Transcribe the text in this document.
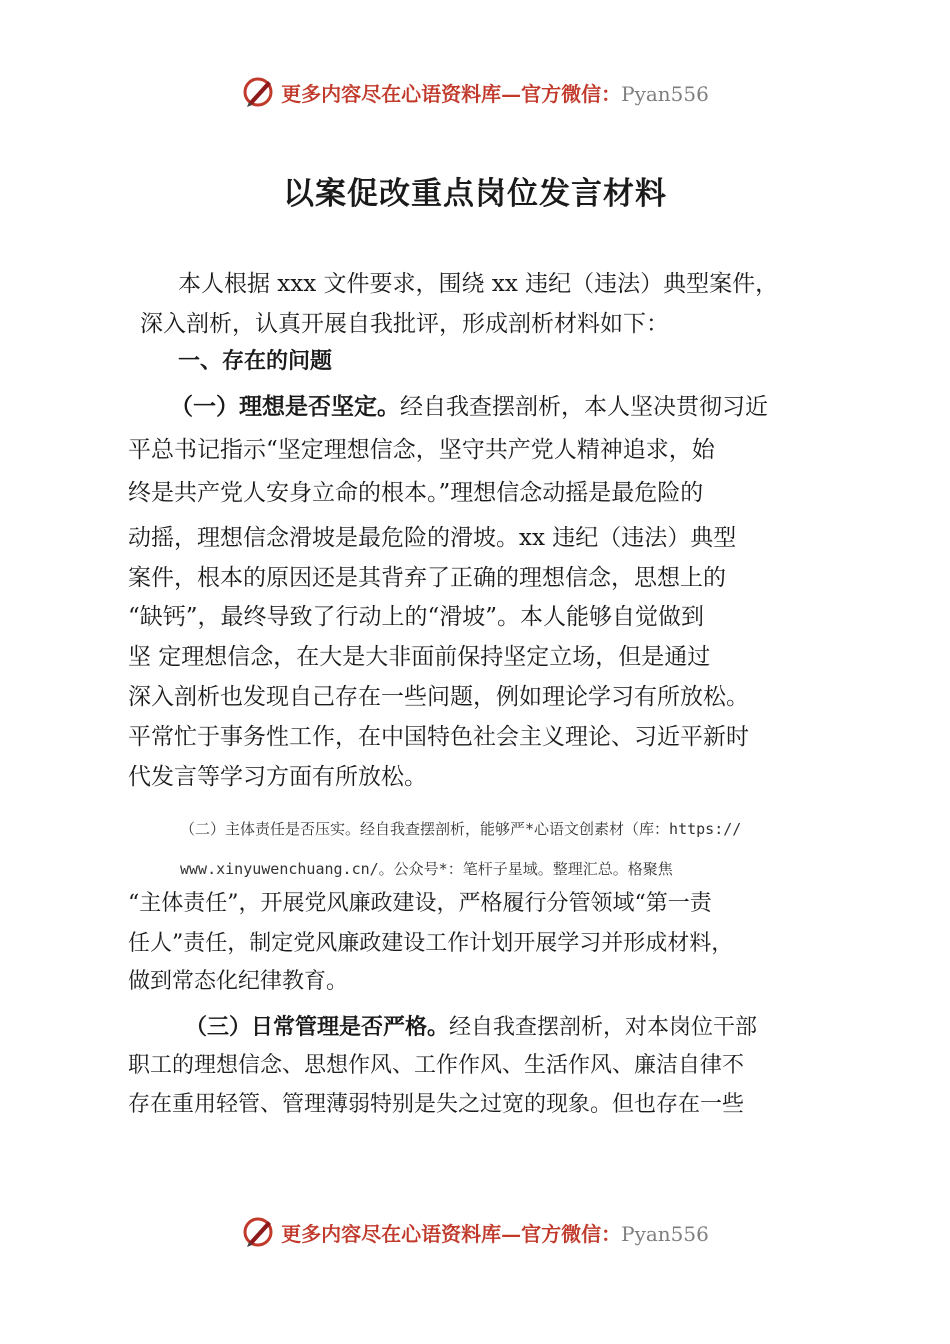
更多内容尽在心语资料库—官方微信：Pyan556
以案促改重点岗位发言材料

本人根据 xxx 文件要求，围绕 xx 违纪（违法）典型案件，

深入剖析，认真开展自我批评，形成剖析材料如下：

一、存在的问题

（一）理想是否坚定。经自我查摆剖析，本人坚决贯彻习近

平总书记指示“坚定理想信念，坚守共产党人精神追求，始

终是共产党人安身立命的根本。”理想信念动摇是最危险的

动摇，理想信念滑坡是最危险的滑坡。xx 违纪（违法）典型

案件，根本的原因还是其背弃了正确的理想信念，思想上的

“缺钙”，最终导致了行动上的“滑坡”。本人能够自觉做到

坚 定理想信念，在大是大非面前保持坚定立场，但是通过

深入剖析也发现自己存在一些问题，例如理论学习有所放松。

平常忙于事务性工作，在中国特色社会主义理论、习近平新时

代发言等学习方面有所放松。

（二）主体责任是否压实。经自我查摆剖析，能够严*心语文创素材（库：https://

www.xinyuwenchuang.cn/。公众号*：笔杆子星域。整理汇总。格聚焦

“主体责任”，开展党风廉政建设，严格履行分管领域“第一责

任人”责任，制定党风廉政建设工作计划开展学习并形成材料，

做到常态化纪律教育。

（三）日常管理是否严格。经自我查摆剖析，对本岗位干部

职工的理想信念、思想作风、工作作风、生活作风、廉洁自律不

存在重用轻管、管理薄弱特别是失之过宽的现象。但也存在一些

更多内容尽在心语资料库—官方微信：Pyan556
